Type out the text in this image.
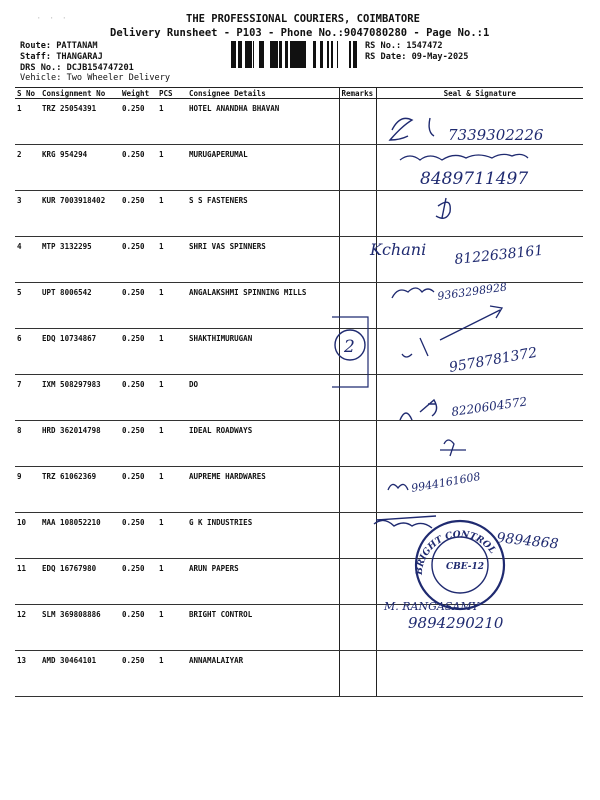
· · ·	THE PROFESSIONAL COURIERS, COIMBATORE
Delivery Runsheet - P103 - Phone No.:9047080280 - Page No.:1
Route: PATTANAM
Staff: THANGARAJ
DRS No.: DCJB154747201
Vehicle: Two Wheeler Delivery
RS No.: 1547472
RS Date: 09-May-2025
S No	Consignment No	Weight	PCS	Consignee Details	Remarks	Seal & Signature
1	TRZ 25054391	0.250	1	HOTEL ANANDHA BHAVAN		
2	KRG 954294	0.250	1	MURUGAPERUMAL		
3	KUR 7003918402	0.250	1	S S FASTENERS		
4	MTP 3132295	0.250	1	SHRI VAS SPINNERS		
5	UPT 8006542	0.250	1	ANGALAKSHMI SPINNING MILLS		
6	EDQ 10734867	0.250	1	SHAKTHIMURUGAN		
7	IXM 508297983	0.250	1	DO		
8	HRD 362014798	0.250	1	IDEAL ROADWAYS		
9	TRZ 61062369	0.250	1	AUPREME HARDWARES		
10	MAA 108052210	0.250	1	G K INDUSTRIES		
11	EDQ 16767980	0.250	1	ARUN PAPERS		
12	SLM 369808886	0.250	1	BRIGHT CONTROL		
13	AMD 30464101	0.250	1	ANNAMALAIYAR		
7339302226
8489711497
Kchani 8122638161
9363298928
2	9578781372
8220604572
9944161608
9894868
BRIGHT CONTROL
CBE-12
M. RANGASAMY
9894290210
